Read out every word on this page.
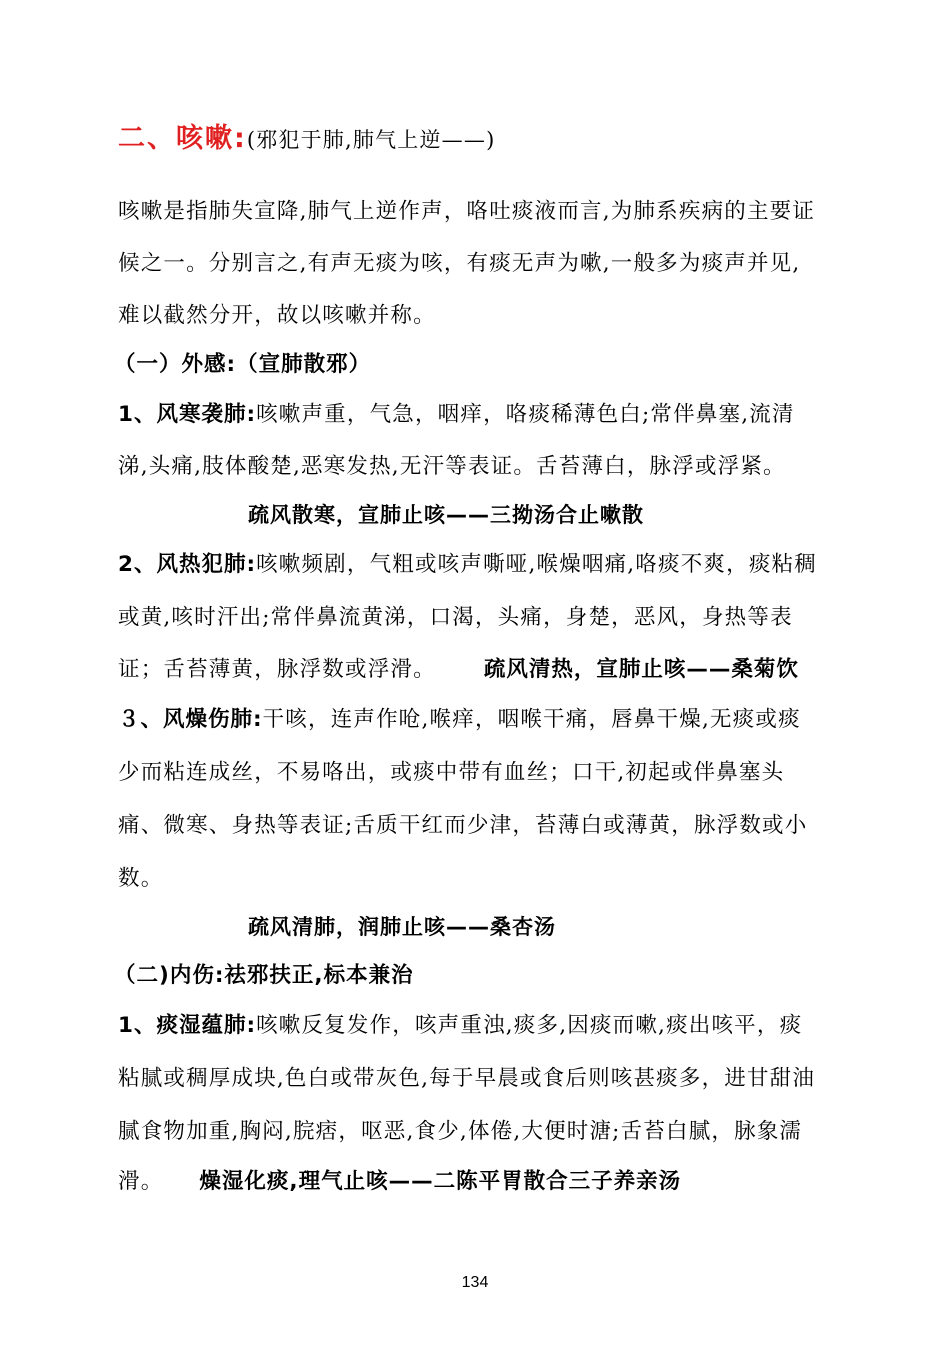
二、咳嗽:(邪犯于肺,肺气上逆——)
咳嗽是指肺失宣降,肺气上逆作声，咯吐痰液而言,为肺系疾病的主要证
候之一。分别言之,有声无痰为咳，有痰无声为嗽,一般多为痰声并见,
难以截然分开，故以咳嗽并称。
（一）外感:（宣肺散邪）
1、风寒袭肺:咳嗽声重，气急，咽痒，咯痰稀薄色白;常伴鼻塞,流清
涕,头痛,肢体酸楚,恶寒发热,无汗等表证。舌苔薄白，脉浮或浮紧。
疏风散寒，宣肺止咳——三拗汤合止嗽散
2、风热犯肺:咳嗽频剧，气粗或咳声嘶哑,喉燥咽痛,咯痰不爽，痰粘稠
或黄,咳时汗出;常伴鼻流黄涕，口渴，头痛，身楚，恶风，身热等表
证；舌苔薄黄，脉浮数或浮滑。 疏风清热，宣肺止咳——桑菊饮
３、风燥伤肺:干咳，连声作呛,喉痒，咽喉干痛，唇鼻干燥,无痰或痰
少而粘连成丝，不易咯出，或痰中带有血丝；口干,初起或伴鼻塞头
痛、微寒、身热等表证;舌质干红而少津，苔薄白或薄黄，脉浮数或小
数。
疏风清肺，润肺止咳——桑杏汤
（二)内伤:祛邪扶正,标本兼治
1、痰湿蕴肺:咳嗽反复发作，咳声重浊,痰多,因痰而嗽,痰出咳平，痰
粘腻或稠厚成块,色白或带灰色,每于早晨或食后则咳甚痰多，进甘甜油
腻食物加重,胸闷,脘痞，呕恶,食少,体倦,大便时溏;舌苔白腻，脉象濡
滑。 燥湿化痰,理气止咳——二陈平胃散合三子养亲汤
134
